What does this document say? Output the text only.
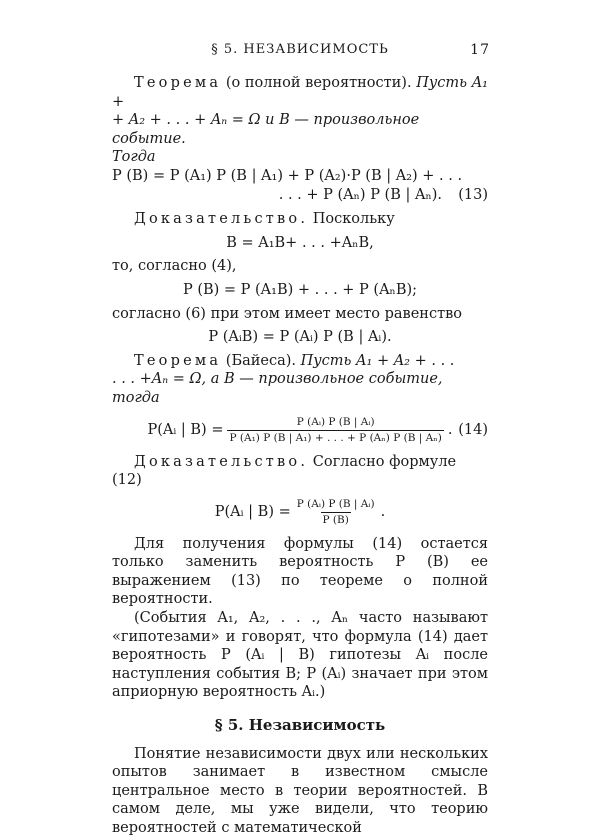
§ 5. НЕЗАВИСИМОСТЬ	17

Теорема (о полной вероятности). Пусть A₁ +

+ A₂ + . . . + Aₙ = Ω и B — произвольное событие.

Тогда

P (B) = P (A₁) P (B | A₁) + P (A₂)·P (B | A₂) + . . .

. . . + P (Aₙ) P (B | Aₙ).	(13)

Доказательство. Поскольку

B = A₁B+ . . . +AₙB,

то, согласно (4),

P (B) = P (A₁B) + . . . + P (AₙB);

согласно (6) при этом имеет место равенство

P (AᵢB) = P (Aᵢ) P (B | Aᵢ).

Теорема (Байеса). Пусть A₁ + A₂ + . . .

. . . +Aₙ = Ω, а B — произвольное событие, тогда

P(Aᵢ | $B) = \frac{\text{P (Aᵢ) P (B | Aᵢ)}}{\text{P (A₁) P (B | A₁) + . . . + P (Aₙ) P (B | Aₙ)}}$ . (14)

Доказательство. Согласно формуле (12)

P(Aᵢ | $B) = \frac{\text{P (Aᵢ) P (B | Aᵢ)}}{P (B)}$ .

Для получения формулы (14) остается только заменить вероятность P (B) ее выражением (13) по теореме о полной вероятности.

(События A₁, A₂, . . ., Aₙ часто называют «гипотезами» и говорят, что формула (14) дает вероятность P (Aᵢ | B) гипотезы Aᵢ после наступления события B; P (Aᵢ) значает при этом априорную вероятность Aᵢ.)

§ 5. Независимость

Понятие независимости двух или нескольких опытов занимает в известном смысле центральное место в теории вероятностей. В самом деле, мы уже видели, что теорию вероятностей с математической
